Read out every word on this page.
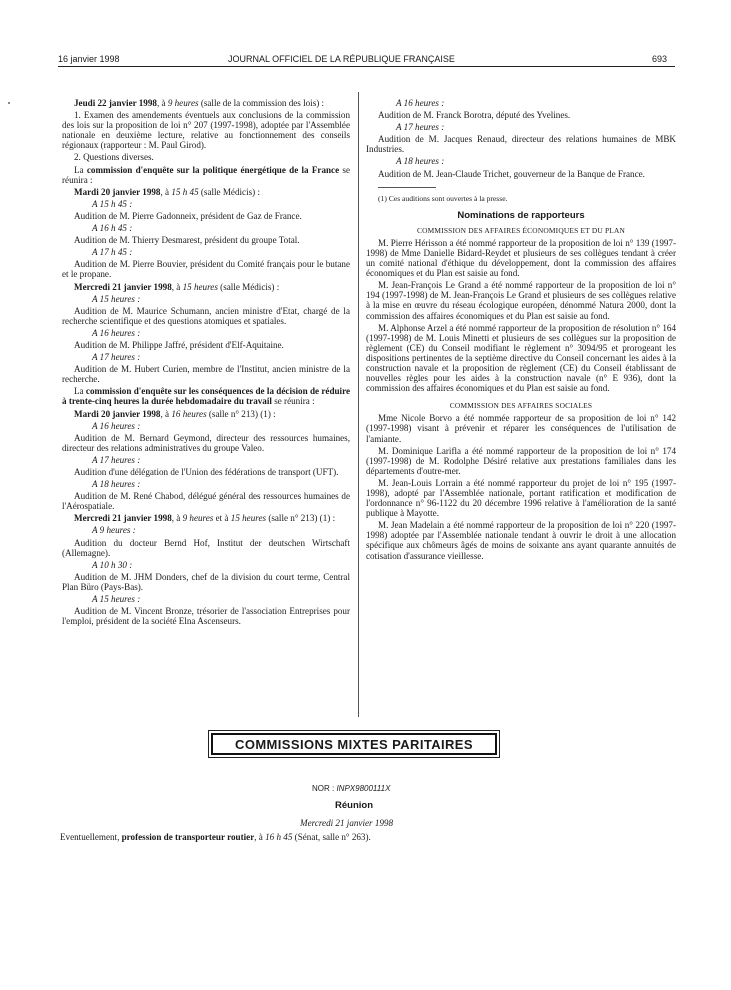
16 janvier 1998	JOURNAL OFFICIEL DE LA RÉPUBLIQUE FRANÇAISE	693

Jeudi 22 janvier 1998, à 9 heures (salle de la commission des lois) :

1. Examen des amendements éventuels aux conclusions de la commission des lois sur la proposition de loi n° 207 (1997-1998), adoptée par l'Assemblée nationale en deuxième lecture, relative au fonctionnement des conseils régionaux (rapporteur : M. Paul Girod).

2. Questions diverses.

La commission d'enquête sur la politique énergétique de la France se réunira :

Mardi 20 janvier 1998, à 15 h 45 (salle Médicis) :

A 15 h 45 :

Audition de M. Pierre Gadonneix, président de Gaz de France.

A 16 h 45 :

Audition de M. Thierry Desmarest, président du groupe Total.

A 17 h 45 :

Audition de M. Pierre Bouvier, président du Comité français pour le butane et le propane.

Mercredi 21 janvier 1998, à 15 heures (salle Médicis) :

A 15 heures :

Audition de M. Maurice Schumann, ancien ministre d'Etat, chargé de la recherche scientifique et des questions atomiques et spatiales.

A 16 heures :

Audition de M. Philippe Jaffré, président d'Elf-Aquitaine.

A 17 heures :

Audition de M. Hubert Curien, membre de l'Institut, ancien ministre de la recherche.

La commission d'enquête sur les conséquences de la décision de réduire à trente-cinq heures la durée hebdomadaire du travail se réunira :

Mardi 20 janvier 1998, à 16 heures (salle n° 213) (1) :

A 16 heures :

Audition de M. Bernard Geymond, directeur des ressources humaines, directeur des relations administratives du groupe Valeo.

A 17 heures :

Audition d'une délégation de l'Union des fédérations de transport (UFT).

A 18 heures :

Audition de M. René Chabod, délégué général des ressources humaines de l'Aérospatiale.

Mercredi 21 janvier 1998, à 9 heures et à 15 heures (salle n° 213) (1) :

A 9 heures :

Audition du docteur Bernd Hof, Institut der deutschen Wirtschaft (Allemagne).

A 10 h 30 :

Audition de M. JHM Donders, chef de la division du court terme, Central Plan Büro (Pays-Bas).

A 15 heures :

Audition de M. Vincent Bronze, trésorier de l'association Entreprises pour l'emploi, président de la société Elna Ascenseurs.

A 16 heures :

Audition de M. Franck Borotra, député des Yvelines.

A 17 heures :

Audition de M. Jacques Renaud, directeur des relations humaines de MBK Industries.

A 18 heures :

Audition de M. Jean-Claude Trichet, gouverneur de la Banque de France.

(1) Ces auditions sont ouvertes à la presse.

Nominations de rapporteurs

COMMISSION DES AFFAIRES ÉCONOMIQUES ET DU PLAN

M. Pierre Hérisson a été nommé rapporteur de la proposition de loi n° 139 (1997-1998) de Mme Danielle Bidard-Reydet et plusieurs de ses collègues tendant à créer un comité national d'éthique du développement, dont la commission des affaires économiques et du Plan est saisie au fond.

M. Jean-François Le Grand a été nommé rapporteur de la proposition de loi n° 194 (1997-1998) de M. Jean-François Le Grand et plusieurs de ses collègues relative à la mise en œuvre du réseau écologique européen, dénommé Natura 2000, dont la commission des affaires économiques et du Plan est saisie au fond.

M. Alphonse Arzel a été nommé rapporteur de la proposition de résolution n° 164 (1997-1998) de M. Louis Minetti et plusieurs de ses collègues sur la proposition de règlement (CE) du Conseil modifiant le règlement n° 3094/95 et prorogeant les dispositions pertinentes de la septième directive du Conseil concernant les aides à la construction navale et la proposition de règlement (CE) du Conseil établissant de nouvelles règles pour les aides à la construction navale (n° E 936), dont la commission des affaires économiques et du Plan est saisie au fond.

COMMISSION DES AFFAIRES SOCIALES

Mme Nicole Borvo a été nommée rapporteur de sa proposition de loi n° 142 (1997-1998) visant à prévenir et réparer les conséquences de l'utilisation de l'amiante.

M. Dominique Larifla a été nommé rapporteur de la proposition de loi n° 174 (1997-1998) de M. Rodolphe Désiré relative aux prestations familiales dans les départements d'outre-mer.

M. Jean-Louis Lorrain a été nommé rapporteur du projet de loi n° 195 (1997-1998), adopté par l'Assemblée nationale, portant ratification et modification de l'ordonnance n° 96-1122 du 20 décembre 1996 relative à l'amélioration de la santé publique à Mayotte.

M. Jean Madelain a été nommé rapporteur de la proposition de loi n° 220 (1997-1998) adoptée par l'Assemblée nationale tendant à ouvrir le droit à une allocation spécifique aux chômeurs âgés de moins de soixante ans ayant quarante annuités de cotisation d'assurance vieillesse.

COMMISSIONS MIXTES PARITAIRES
NOR : INPX9800111X
Réunion
Mercredi 21 janvier 1998
Eventuellement, profession de transporteur routier, à 16 h 45 (Sénat, salle n° 263).
